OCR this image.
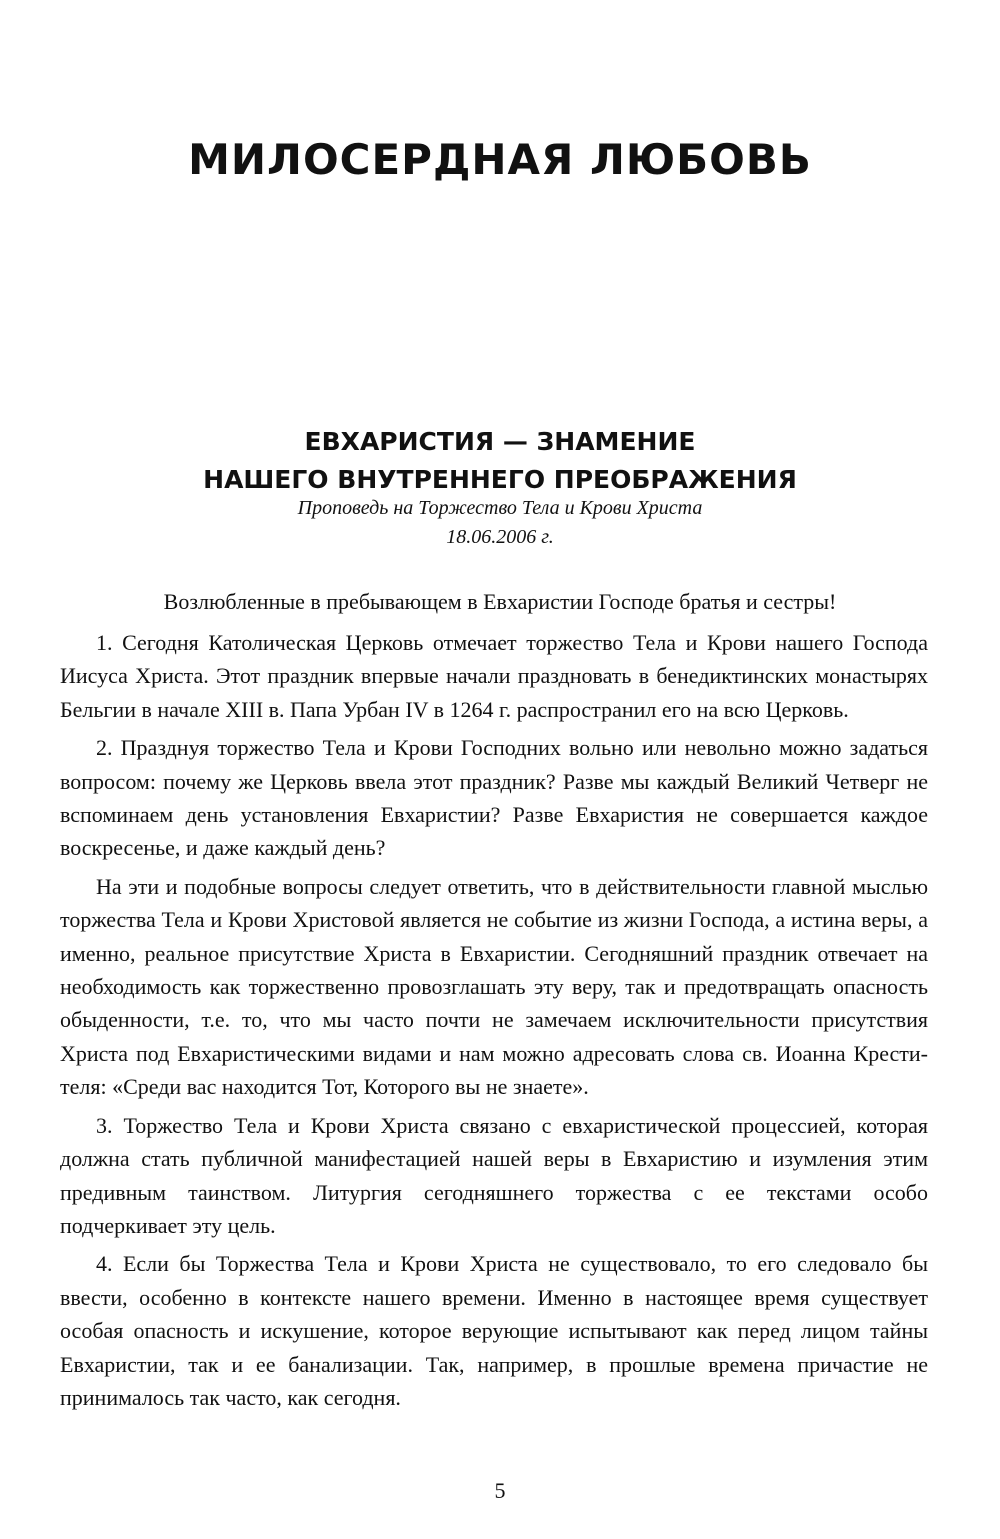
МИЛОСЕРДНАЯ ЛЮБОВЬ
ЕВХАРИСТИЯ — ЗНАМЕНИЕ
НАШЕГО ВНУТРЕННЕГО ПРЕОБРАЖЕНИЯ
Проповедь на Торжество Тела и Крови Христа
18.06.2006 г.

Возлюбленные в пребывающем в Евхаристии Господе братья и сестры!

1. Сегодня Католическая Церковь отмечает торжество Тела и Крови нашего Господа Иисуса Христа. Этот праздник впервые начали праздновать в бенедиктинских монастырях Бельгии в начале XIII в. Папа Урбан IV в 1264 г. распространил его на всю Церковь.

2. Празднуя торжество Тела и Крови Господних вольно или невольно можно задаться вопросом: почему же Церковь ввела этот праздник? Разве мы каждый Великий Четверг не вспоминаем день установления Евхаристии? Разве Евхаристия не совершается каждое воскресенье, и даже каждый день?

На эти и подобные вопросы следует ответить, что в действительности главной мыслью торжества Тела и Крови Христовой является не событие из жизни Господа, а истина веры, а именно, реальное присутствие Христа в Евхаристии. Сегодняшний праздник отвечает на необходимость как торжественно провозглашать эту веру, так и предотвращать опасность обыденности, т.е. то, что мы часто почти не замечаем исключительности присутствия Христа под Евхаристическими видами и нам можно адресовать слова св. Иоанна Крестителя: «Среди вас находится Тот, Которого вы не знаете».

3. Торжество Тела и Крови Христа связано с евхаристической процессией, которая должна стать публичной манифестацией нашей веры в Евхаристию и изумления этим предивным таинством. Литургия сегодняшнего торжества с ее текстами особо подчеркивает эту цель.

4. Если бы Торжества Тела и Крови Христа не существовало, то его следовало бы ввести, особенно в контексте нашего времени. Именно в настоящее время существует особая опасность и искушение, которое верующие испытывают как перед лицом тайны Евхаристии, так и ее банализации. Так, например, в прошлые времена причастие не принималось так часто, как сегодня.

5
